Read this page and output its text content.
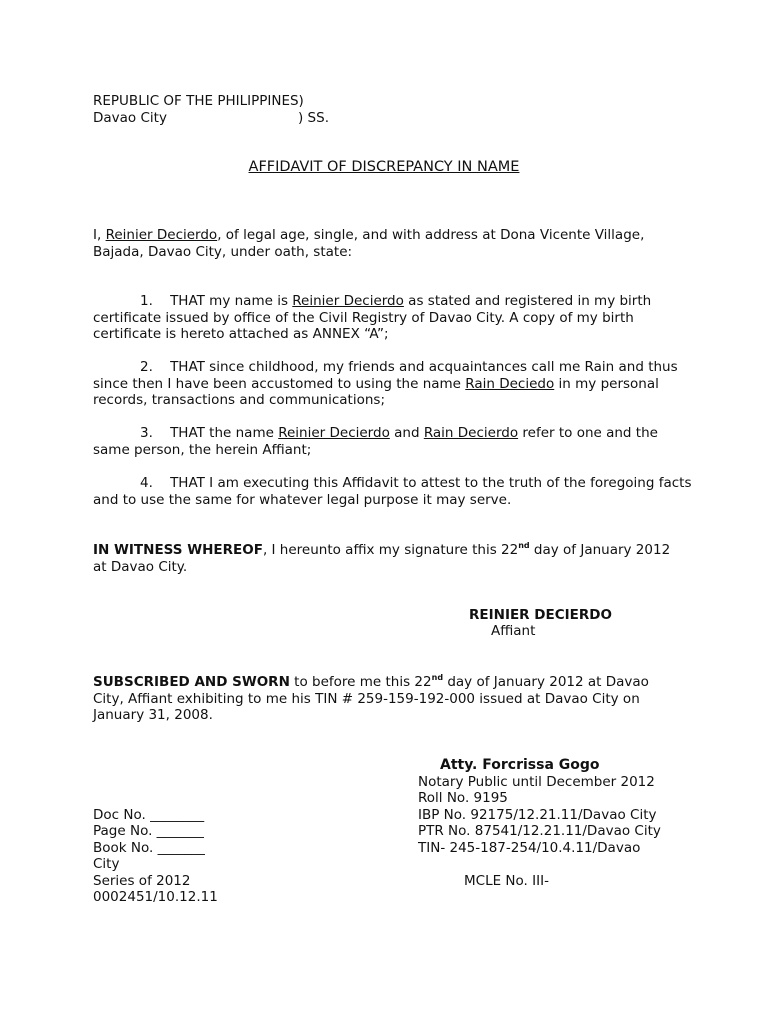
REPUBLIC OF THE PHILIPPINES)
Davao City	) SS.
AFFIDAVIT OF DISCREPANCY IN NAME
I, Reinier Decierdo, of legal age, single, and with address at Dona Vicente Village, Bajada, Davao City, under oath, state:
1. THAT my name is Reinier Decierdo as stated and registered in my birth certificate issued by office of the Civil Registry of Davao City. A copy of my birth certificate is hereto attached as ANNEX “A”;
2. THAT since childhood, my friends and acquaintances call me Rain and thus since then I have been accustomed to using the name Rain Deciedo in my personal records, transactions and communications;
3. THAT the name Reinier Decierdo and Rain Decierdo refer to one and the same person, the herein Affiant;
4. THAT I am executing this Affidavit to attest to the truth of the foregoing facts and to use the same for whatever legal purpose it may serve.
IN WITNESS WHEREOF, I hereunto affix my signature this 22nd day of January 2012 at Davao City.
REINIER DECIERDO
Affiant
SUBSCRIBED AND SWORN to before me this 22nd day of January 2012 at Davao City, Affiant exhibiting to me his TIN # 259-159-192-000 issued at Davao City on January 31, 2008.
Atty. Forcrissa Gogo
Notary Public until December 2012
Roll No. 9195
IBP No. 92175/12.21.11/Davao City
PTR No. 87541/12.21.11/Davao City
TIN- 245-187-254/10.4.11/Davao
MCLE No. III-
Doc No. ________
Page No. _______
Book No. _______
City
Series of 2012
0002451/10.12.11
